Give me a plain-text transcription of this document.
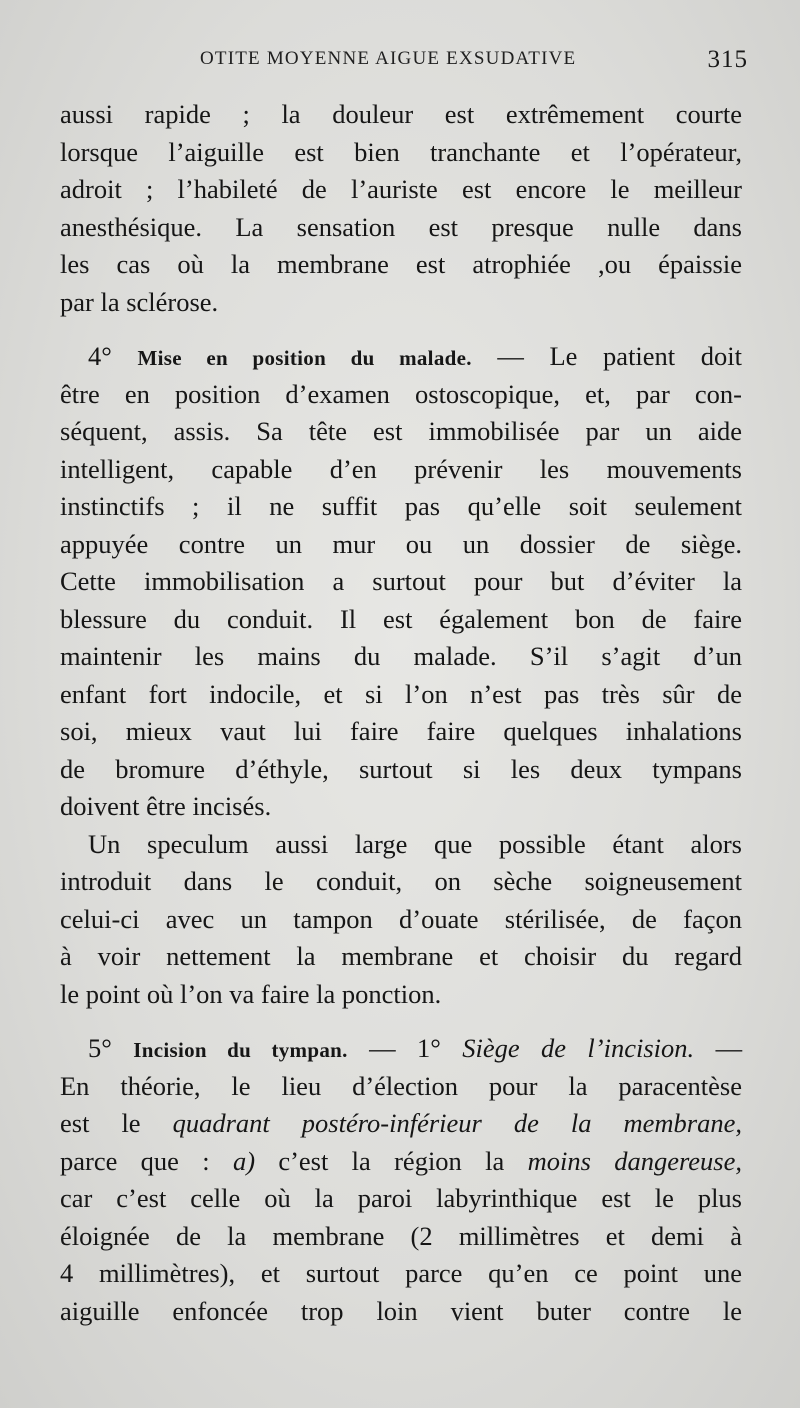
OTITE MOYENNE AIGUE EXSUDATIVE	315
aussi rapide ; la douleur est extrêmement courte
lorsque l’aiguille est bien tranchante et l’opérateur,
adroit ; l’habileté de l’auriste est encore le meilleur
anesthésique. La sensation est presque nulle dans
les cas où la membrane est atrophiée ,ou épaissie
par la sclérose.
4° Mise en position du malade. — Le patient doit
être en position d’examen ostoscopique, et, par con-
séquent, assis. Sa tête est immobilisée par un aide
intelligent, capable d’en prévenir les mouvements
instinctifs ; il ne suffit pas qu’elle soit seulement
appuyée contre un mur ou un dossier de siège.
Cette immobilisation a surtout pour but d’éviter la
blessure du conduit. Il est également bon de faire
maintenir les mains du malade. S’il s’agit d’un
enfant fort indocile, et si l’on n’est pas très sûr de
soi, mieux vaut lui faire faire quelques inhalations
de bromure d’éthyle, surtout si les deux tympans
doivent être incisés.
Un speculum aussi large que possible étant alors
introduit dans le conduit, on sèche soigneusement
celui-ci avec un tampon d’ouate stérilisée, de façon
à voir nettement la membrane et choisir du regard
le point où l’on va faire la ponction.
5° Incision du tympan. — 1° Siège de l’incision. —
En théorie, le lieu d’élection pour la paracentèse
est le quadrant postéro-inférieur de la membrane,
parce que : a) c’est la région la moins dangereuse,
car c’est celle où la paroi labyrinthique est le plus
éloignée de la membrane (2 millimètres et demi à
4 millimètres), et surtout parce qu’en ce point une
aiguille enfoncée trop loin vient buter contre le
